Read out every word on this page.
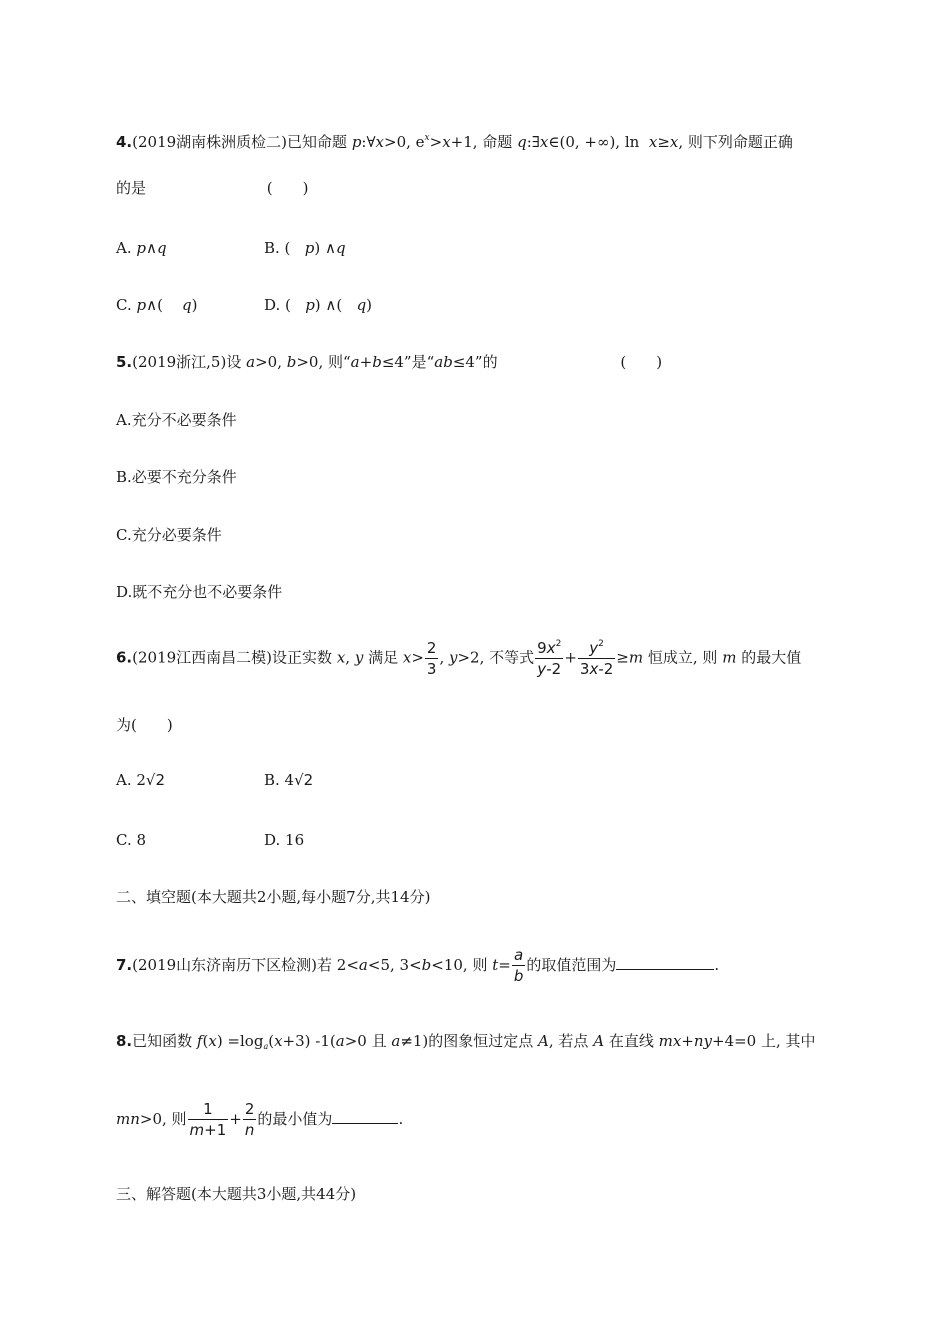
4.(2019湖南株洲质检二)已知命题 p:∀x>0, $e^x>x+1$, 命题 q:∃x∈(0, +∞), ln  x≥x, 则下列命题正确
的是	(　　)
A. p∧q	B. (   p) ∧q
C. p∧(    q)	D. (   p) ∧(   q)
5.(2019浙江,5)设 a>0, b>0, 则“a+b≤4”是“ab≤4”的	(　　)
A.充分不必要条件
B.必要不充分条件
C.充分必要条件
D.既不充分也不必要条件
6.(2019江西南昌二模)设正实数 x, y 满足 $x> \frac{2}{3}$ , y>2, 不等式 $\frac{9x^2}{y-2} + \frac{y^2}{3x-2} \ge m$ 恒成立, 则 m 的最大值
为(　　)
A. 2√2	B. 4√2
C. 8	D. 16
二、填空题(本大题共2小题,每小题7分,共14分)
7.(2019山东济南历下区检测)若 2<a<5, 3<b<10, 则 $t= \frac{a}{b}$ 的取值范围为	.
8.已知函数 $f(x) =\log_a(x+3)$ -1(a>0 且 a≠1)的图象恒过定点 A, 若点 A 在直线 mx+ny+4=0 上, 其中
mn>0, 则 $\frac{1}{m+1} + \frac{2}{n}$ 的最小值为	.
三、解答题(本大题共3小题,共44分)
